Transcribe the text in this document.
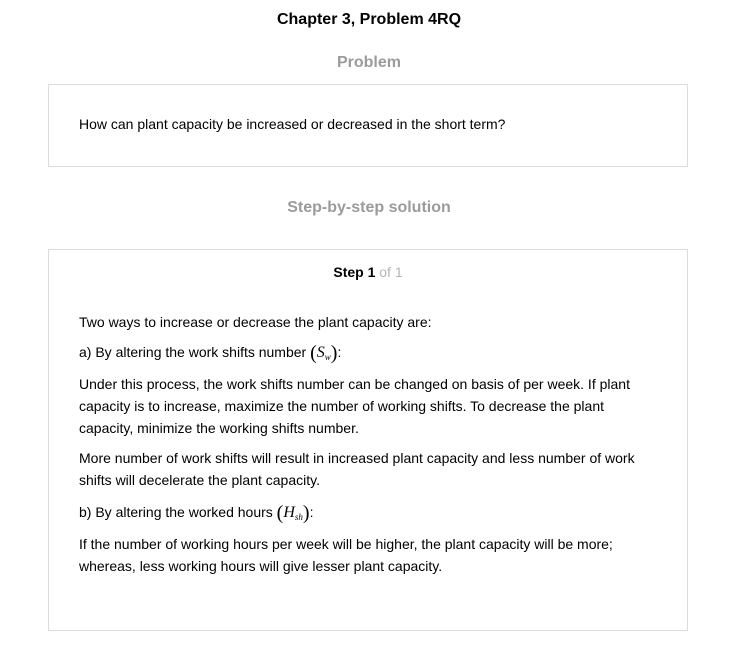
Chapter 3, Problem 4RQ
Problem
How can plant capacity be increased or decreased in the short term?
Step-by-step solution
Step 1 of 1
Two ways to increase or decrease the plant capacity are:
a) By altering the work shifts number $(S_w)$:
Under this process, the work shifts number can be changed on basis of per week. If plant capacity is to increase, maximize the number of working shifts. To decrease the plant capacity, minimize the working shifts number.
More number of work shifts will result in increased plant capacity and less number of work shifts will decelerate the plant capacity.
b) By altering the worked hours $(H_{sh})$:
If the number of working hours per week will be higher, the plant capacity will be more; whereas, less working hours will give lesser plant capacity.
